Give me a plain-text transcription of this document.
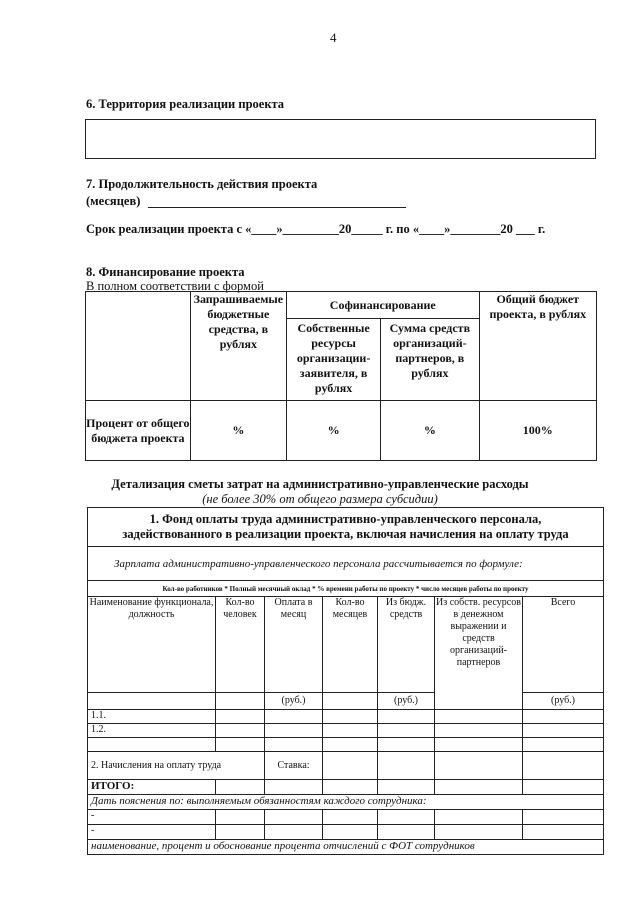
4
6. Территория реализации проекта
7. Продолжительность действия проекта
(месяцев)
Срок реализации проекта с «____»_________20_____ г. по «____»________20 ___ г.
8. Финансирование проекта
В полном соответствии с формой
	Запрашиваемые бюджетные средства, в рублях	Софинансирование		Общий бюджет проекта, в рублях
		Собственные ресурсы организации-заявителя, в рублях	Сумма средств организаций-партнеров, в рублях	
Процент от общего бюджета проекта	%	%	%	100%
Детализация сметы затрат на административно-управленческие расходы
(не более 30% от общего размера субсидии)
1. Фонд оплаты труда административно-управленческого персонала, задействованного в реализации проекта, включая начисления на оплату труда						
Зарплата административно-управленческого персонала рассчитывается по формуле:						
Кол-во работников * Полный месячный оклад * % времени работы по проекту * число месяцев работы по проекту						
Наименование функционала, должность	Кол-во человек	Оплата в месяц	Кол-во месяцев	Из бюдж. средств	Из собств. ресурсов в денежном выражении и средств организаций-партнеров	Всего
		(руб.)		(руб.)		(руб.)
1.1.						
1.2.						

2. Начисления на оплату труда		Ставка:				
ИТОГО:						
Дать пояснения по: выполняемым обязанностям каждого сотрудника:						
-						
-						
наименование, процент и обоснование процента отчислений с ФОТ сотрудников						
